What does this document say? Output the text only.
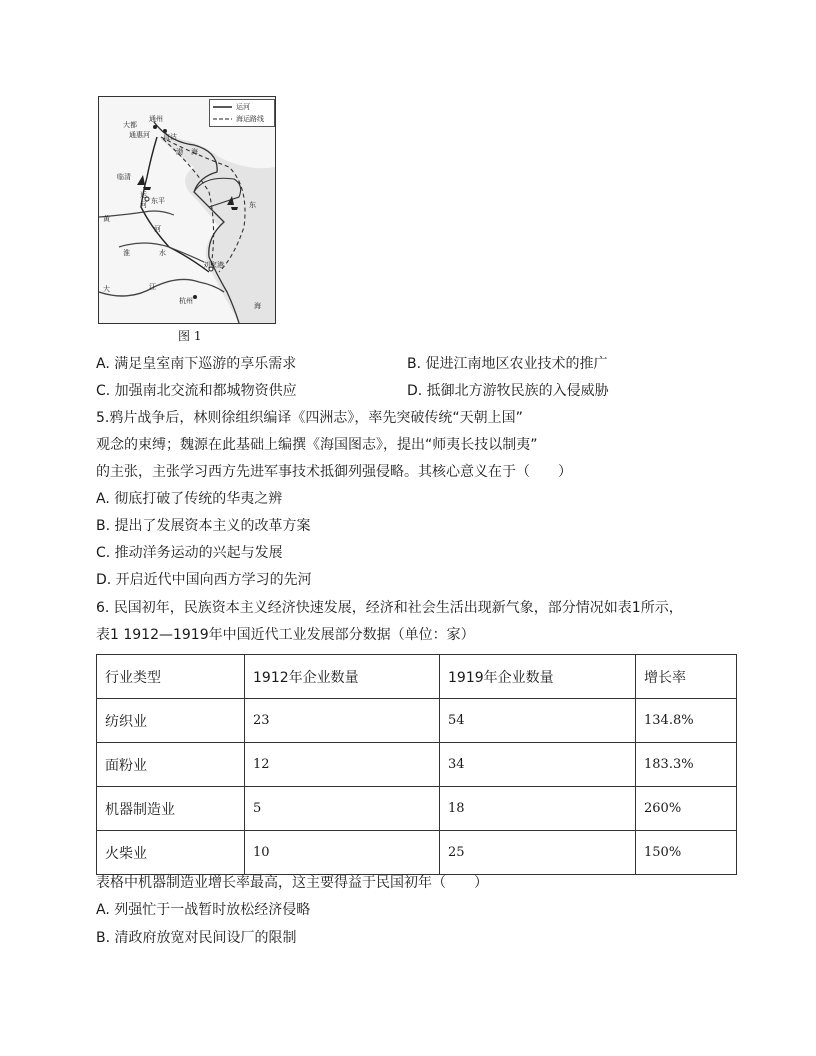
运河
海运路线
大都
通州
通惠河 直沽
渤 海
临清
运
河 东平	东
黄
河
淮	水
大	江
刘家港
杭州
海
图 1
A. 满足皇室南下巡游的享乐需求	B. 促进江南地区农业技术的推广
C. 加强南北交流和都城物资供应	D. 抵御北方游牧民族的入侵威胁
5.鸦片战争后，林则徐组织编译《四洲志》，率先突破传统“天朝上国”
观念的束缚；魏源在此基础上编撰《海国图志》，提出“师夷长技以制夷”
的主张，主张学习西方先进军事技术抵御列强侵略。其核心意义在于（　　）
A. 彻底打破了传统的华夷之辨
B. 提出了发展资本主义的改革方案
C. 推动洋务运动的兴起与发展
D. 开启近代中国向西方学习的先河
6. 民国初年，民族资本主义经济快速发展，经济和社会生活出现新气象，部分情况如表1所示，
表1 1912—1919年中国近代工业发展部分数据（单位：家）
行业类型	1912年企业数量	1919年企业数量	增长率
纺织业	23	54	134.8%
面粉业	12	34	183.3%
机器制造业	5	18	260%
火柴业	10	25	150%
表格中机器制造业增长率最高，这主要得益于民国初年（　　）
A. 列强忙于一战暂时放松经济侵略
B. 清政府放宽对民间设厂的限制
